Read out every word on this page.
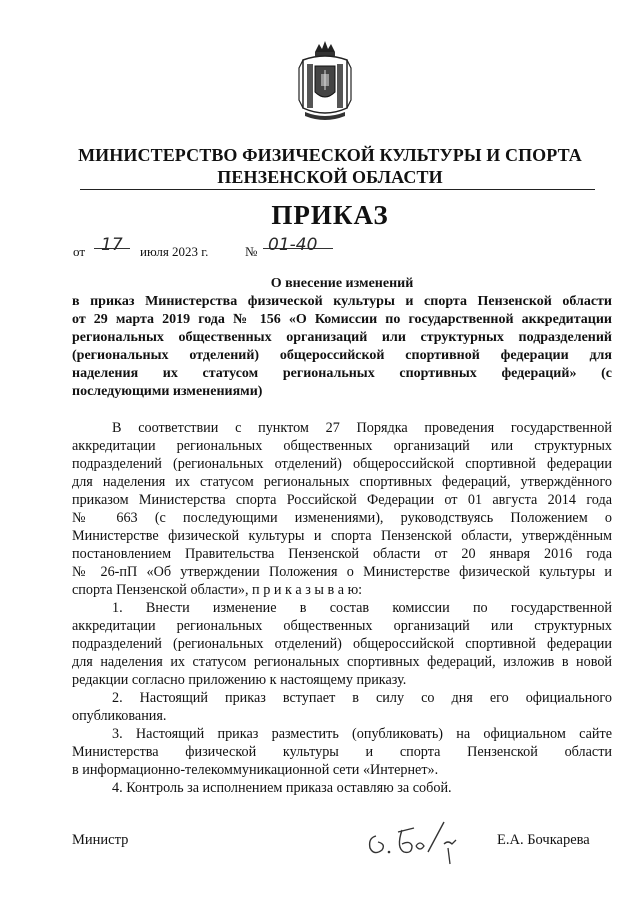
МИНИСТЕРСТВО ФИЗИЧЕСКОЙ КУЛЬТУРЫ И СПОРТА
ПЕНЗЕНСКОЙ ОБЛАСТИ
ПРИКАЗ
от 17 июля 2023 г.	№ 01-40
О внесение изменений
в приказ Министерства физической культуры и спорта Пензенской области
от 29 марта 2019 года № 156 «О Комиссии по государственной аккредитации
региональных общественных организаций или структурных подразделений
(региональных отделений) общероссийской спортивной федерации для
наделения их статусом региональных спортивных федераций» (с
последующими изменениями)
В соответствии с пунктом 27 Порядка проведения государственной
аккредитации региональных общественных организаций или структурных
подразделений (региональных отделений) общероссийской спортивной федерации
для наделения их статусом региональных спортивных федераций, утверждённого
приказом Министерства спорта Российской Федерации от 01 августа 2014 года
№ 663 (с последующими изменениями), руководствуясь Положением о
Министерстве физической культуры и спорта Пензенской области, утверждённым
постановлением Правительства Пензенской области от 20 января 2016 года
№ 26-пП «Об утверждении Положения о Министерстве физической культуры и
спорта Пензенской области», п р и к а з ы в а ю:
1. Внести изменение в состав комиссии по государственной
аккредитации региональных общественных организаций или структурных
подразделений (региональных отделений) общероссийской спортивной федерации
для наделения их статусом региональных спортивных федераций, изложив в новой
редакции согласно приложению к настоящему приказу.
2. Настоящий приказ вступает в силу со дня его официального
опубликования.
3. Настоящий приказ разместить (опубликовать) на официальном сайте
Министерства физической культуры и спорта Пензенской области
в информационно-телекоммуникационной сети «Интернет».
4. Контроль за исполнением приказа оставляю за собой.
Министр	Е.А. Бочкарева
